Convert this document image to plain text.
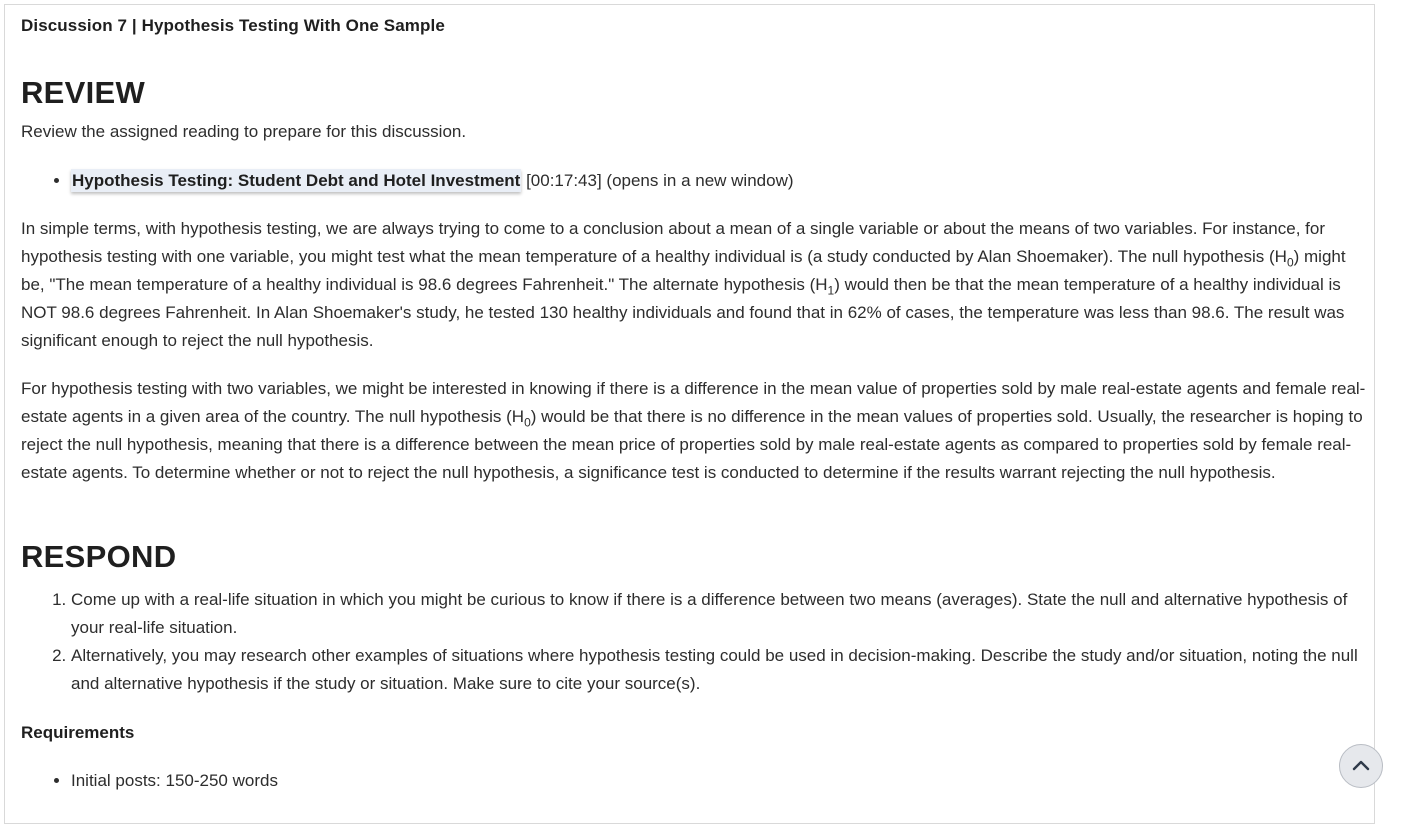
Discussion 7 | Hypothesis Testing With One Sample
REVIEW

Review the assigned reading to prepare for this discussion.

• Hypothesis Testing: Student Debt and Hotel Investment [00:17:43] (opens in a new window)

In simple terms, with hypothesis testing, we are always trying to come to a conclusion about a mean of a single variable or about the means of two variables. For instance, for hypothesis testing with one variable, you might test what the mean temperature of a healthy individual is (a study conducted by Alan Shoemaker). The null hypothesis $(H_0)$ might be, "The mean temperature of a healthy individual is 98.6 degrees Fahrenheit." The alternate hypothesis $(H_1)$ would then be that the mean temperature of a healthy individual is NOT 98.6 degrees Fahrenheit. In Alan Shoemaker's study, he tested 130 healthy individuals and found that in 62% of cases, the temperature was less than 98.6. The result was significant enough to reject the null hypothesis.

For hypothesis testing with two variables, we might be interested in knowing if there is a difference in the mean value of properties sold by male real-estate agents and female real-estate agents in a given area of the country. The null hypothesis $(H_0)$ would be that there is no difference in the mean values of properties sold. Usually, the researcher is hoping to reject the null hypothesis, meaning that there is a difference between the mean price of properties sold by male real-estate agents as compared to properties sold by female real-estate agents. To determine whether or not to reject the null hypothesis, a significance test is conducted to determine if the results warrant rejecting the null hypothesis.

RESPOND
1. Come up with a real-life situation in which you might be curious to know if there is a difference between two means (averages). State the null and alternative hypothesis of your real-life situation.
2. Alternatively, you may research other examples of situations where hypothesis testing could be used in decision-making. Describe the study and/or situation, noting the null and alternative hypothesis if the study or situation. Make sure to cite your source(s).

Requirements

• Initial posts: 150-250 words
